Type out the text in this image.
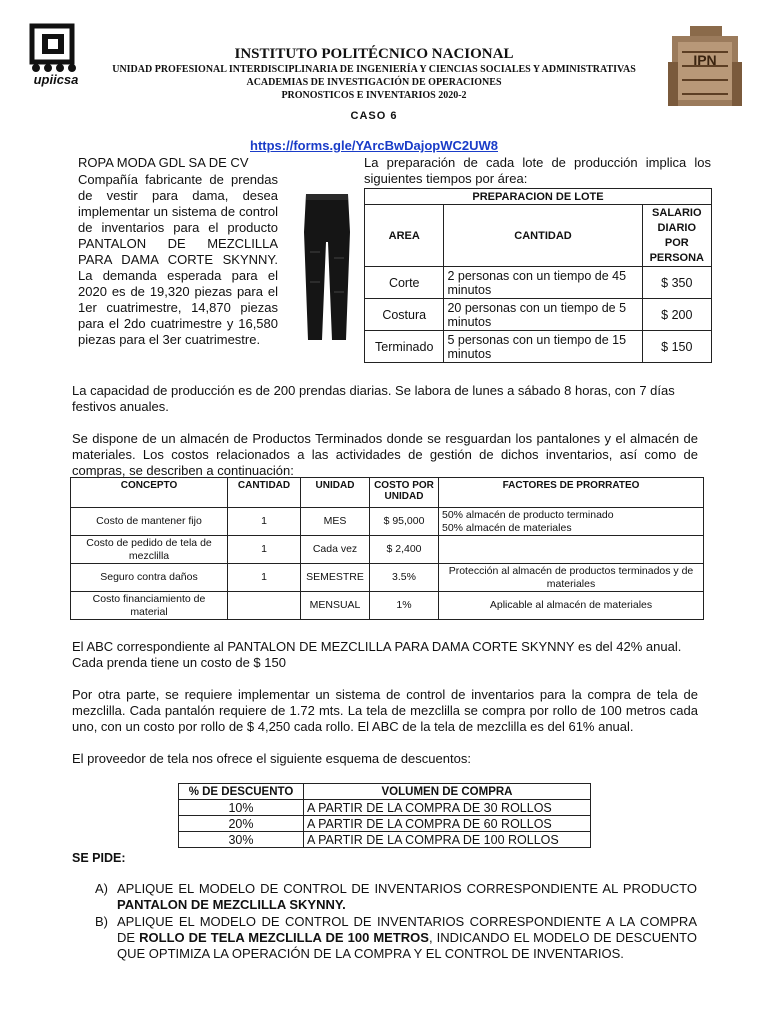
upiicsa
IPN
INSTITUTO POLITÉCNICO NACIONAL
UNIDAD PROFESIONAL INTERDISCIPLINARIA DE INGENIERÍA Y CIENCIAS SOCIALES Y ADMINISTRATIVAS
ACADEMIAS DE INVESTIGACIÓN DE OPERACIONES
PRONOSTICOS E INVENTARIOS 2020-2
CASO 6
https://forms.gle/YArcBwDajopWC2UW8
ROPA MODA GDL SA DE CV
Compañía fabricante de prendas de vestir para dama, desea implementar un sistema de control de inventarios para el producto PANTALON DE MEZCLILLA PARA DAMA CORTE SKYNNY. La demanda esperada para el 2020 es de 19,320 piezas para el 1er cuatrimestre, 14,870 piezas para el 2do cuatrimestre y 16,580 piezas para el 3er cuatrimestre.
La preparación de cada lote de producción implica los siguientes tiempos por área:
PREPARACION DE LOTE		
AREA	CANTIDAD	SALARIO DIARIO POR PERSONA
Corte	2 personas con un tiempo de 45 minutos	$ 350
Costura	20 personas con un tiempo de 5 minutos	$ 200
Terminado	5 personas con un tiempo de 15 minutos	$ 150
La capacidad de producción es de 200 prendas diarias. Se labora de lunes a sábado 8 horas, con 7 días festivos anuales.
Se dispone de un almacén de Productos Terminados donde se resguardan los pantalones y el almacén de materiales. Los costos relacionados a las actividades de gestión de dichos inventarios, así como de compras, se describen a continuación:
CONCEPTO	CANTIDAD	UNIDAD	COSTO POR UNIDAD	FACTORES DE PRORRATEO
Costo de mantener fijo	1	MES	$ 95,000	50% almacén de producto terminado
50% almacén de materiales
Costo de pedido de tela de mezclilla	1	Cada vez	$ 2,400	
Seguro contra daños	1	SEMESTRE	3.5%	Protección al almacén de productos terminados y de materiales
Costo financiamiento de material		MENSUAL	1%	Aplicable al almacén de materiales
El ABC correspondiente al PANTALON DE MEZCLILLA PARA DAMA CORTE SKYNNY es del 42% anual. Cada prenda tiene un costo de $ 150
Por otra parte, se requiere implementar un sistema de control de inventarios para la compra de tela de mezclilla. Cada pantalón requiere de 1.72 mts. La tela de mezclilla se compra por rollo de 100 metros cada uno, con un costo por rollo de $ 4,250 cada rollo. El ABC de la tela de mezclilla es del 61% anual.
El proveedor de tela nos ofrece el siguiente esquema de descuentos:
% DE DESCUENTO	VOLUMEN DE COMPRA
10%	A PARTIR DE LA COMPRA DE 30 ROLLOS
20%	A PARTIR DE LA COMPRA DE 60 ROLLOS
30%	A PARTIR DE LA COMPRA DE 100 ROLLOS
SE PIDE:
A) APLIQUE EL MODELO DE CONTROL DE INVENTARIOS CORRESPONDIENTE AL PRODUCTO PANTALON DE MEZCLILLA SKYNNY.
B) APLIQUE EL MODELO DE CONTROL DE INVENTARIOS CORRESPONDIENTE A LA COMPRA DE ROLLO DE TELA MEZCLILLA DE 100 METROS, INDICANDO EL MODELO DE DESCUENTO QUE OPTIMIZA LA OPERACIÓN DE LA COMPRA Y EL CONTROL DE INVENTARIOS.
